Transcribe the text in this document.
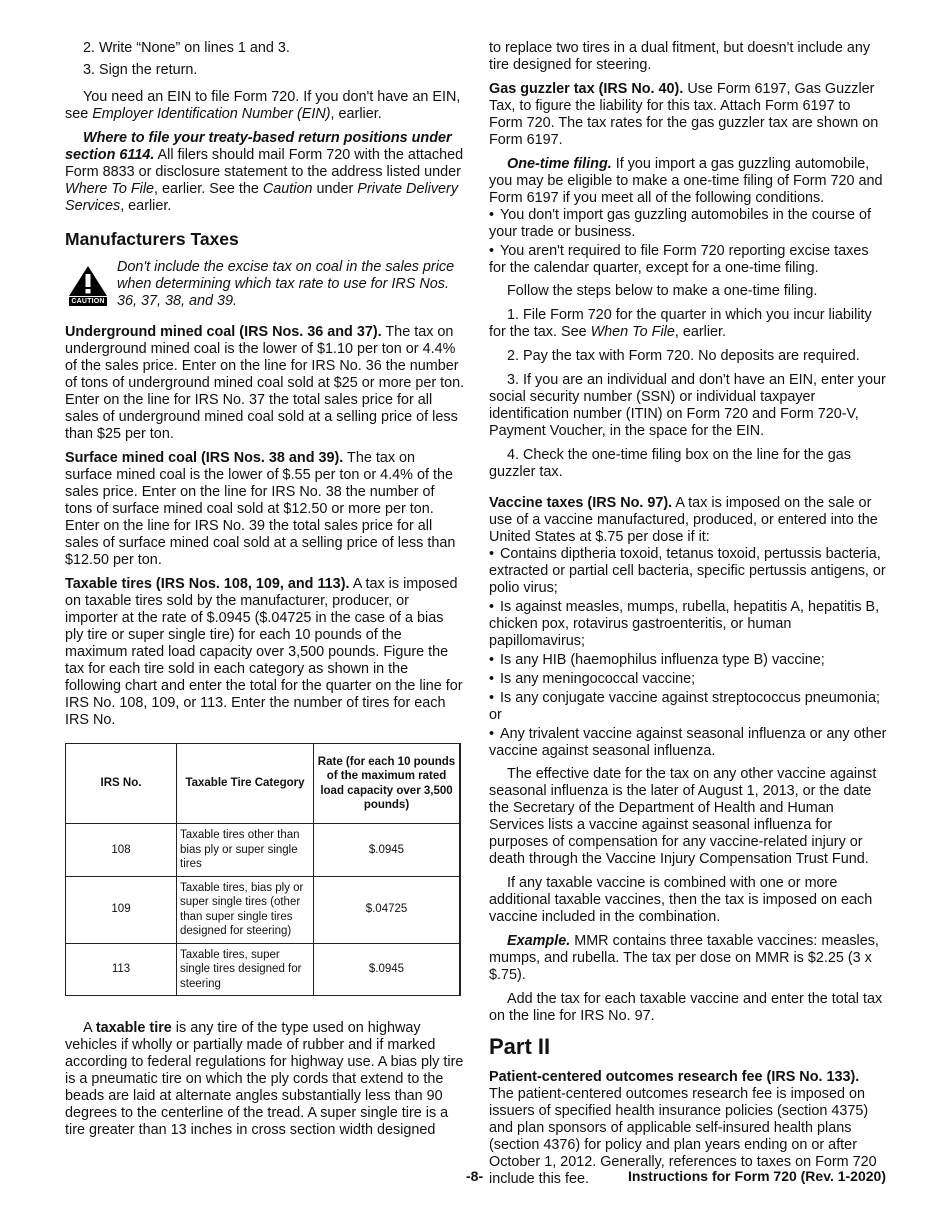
2. Write “None” on lines 1 and 3.

3. Sign the return.

You need an EIN to file Form 720. If you don't have an EIN, see Employer Identification Number (EIN), earlier.

Where to file your treaty-based return positions under section 6114. All filers should mail Form 720 with the attached Form 8833 or disclosure statement to the address listed under Where To File, earlier. See the Caution under Private Delivery Services, earlier.

Manufacturers Taxes
CAUTION
Don't include the excise tax on coal in the sales price when determining which tax rate to use for IRS Nos. 36, 37, 38, and 39.

Underground mined coal (IRS Nos. 36 and 37). The tax on underground mined coal is the lower of $1.10 per ton or 4.4% of the sales price. Enter on the line for IRS No. 36 the number of tons of underground mined coal sold at $25 or more per ton. Enter on the line for IRS No. 37 the total sales price for all sales of underground mined coal sold at a selling price of less than $25 per ton.

Surface mined coal (IRS Nos. 38 and 39). The tax on surface mined coal is the lower of $.55 per ton or 4.4% of the sales price. Enter on the line for IRS No. 38 the number of tons of surface mined coal sold at $12.50 or more per ton. Enter on the line for IRS No. 39 the total sales price for all sales of surface mined coal sold at a selling price of less than $12.50 per ton.

Taxable tires (IRS Nos. 108, 109, and 113). A tax is imposed on taxable tires sold by the manufacturer, producer, or importer at the rate of $.0945 ($.04725 in the case of a bias ply tire or super single tire) for each 10 pounds of the maximum rated load capacity over 3,500 pounds. Figure the tax for each tire sold in each category as shown in the following chart and enter the total for the quarter on the line for IRS No. 108, 109, or 113. Enter the number of tires for each IRS No.

IRS No.	Taxable Tire Category	Rate (for each 10 pounds of the maximum rated load capacity over 3,500 pounds)
108	Taxable tires other than bias ply or super single tires	$.0945
109	Taxable tires, bias ply or super single tires (other than super single tires designed for steering)	$.04725
113	Taxable tires, super single tires designed for steering	$.0945

A taxable tire is any tire of the type used on highway vehicles if wholly or partially made of rubber and if marked according to federal regulations for highway use. A bias ply tire is a pneumatic tire on which the ply cords that extend to the beads are laid at alternate angles substantially less than 90 degrees to the centerline of the tread. A super single tire is a tire greater than 13 inches in cross section width designed

to replace two tires in a dual fitment, but doesn't include any tire designed for steering.

Gas guzzler tax (IRS No. 40). Use Form 6197, Gas Guzzler Tax, to figure the liability for this tax. Attach Form 6197 to Form 720. The tax rates for the gas guzzler tax are shown on Form 6197.

One-time filing. If you import a gas guzzling automobile, you may be eligible to make a one-time filing of Form 720 and Form 6197 if you meet all of the following conditions.

• You don't import gas guzzling automobiles in the course of your trade or business.

• You aren't required to file Form 720 reporting excise taxes for the calendar quarter, except for a one-time filing.

Follow the steps below to make a one-time filing.

1. File Form 720 for the quarter in which you incur liability for the tax. See When To File, earlier.

2. Pay the tax with Form 720. No deposits are required.

3. If you are an individual and don't have an EIN, enter your social security number (SSN) or individual taxpayer identification number (ITIN) on Form 720 and Form 720-V, Payment Voucher, in the space for the EIN.

4. Check the one-time filing box on the line for the gas guzzler tax.

Vaccine taxes (IRS No. 97). A tax is imposed on the sale or use of a vaccine manufactured, produced, or entered into the United States at $.75 per dose if it:

• Contains diptheria toxoid, tetanus toxoid, pertussis bacteria, extracted or partial cell bacteria, specific pertussis antigens, or polio virus;

• Is against measles, mumps, rubella, hepatitis A, hepatitis B, chicken pox, rotavirus gastroenteritis, or human papillomavirus;

• Is any HIB (haemophilus influenza type B) vaccine;

• Is any meningococcal vaccine;

• Is any conjugate vaccine against streptococcus pneumonia; or

• Any trivalent vaccine against seasonal influenza or any other vaccine against seasonal influenza.

The effective date for the tax on any other vaccine against seasonal influenza is the later of August 1, 2013, or the date the Secretary of the Department of Health and Human Services lists a vaccine against seasonal influenza for purposes of compensation for any vaccine-related injury or death through the Vaccine Injury Compensation Trust Fund.

If any taxable vaccine is combined with one or more additional taxable vaccines, then the tax is imposed on each vaccine included in the combination.

Example. MMR contains three taxable vaccines: measles, mumps, and rubella. The tax per dose on MMR is $2.25 (3 x $.75).

Add the tax for each taxable vaccine and enter the total tax on the line for IRS No. 97.

Part II

Patient-centered outcomes research fee (IRS No. 133). The patient-centered outcomes research fee is imposed on issuers of specified health insurance policies (section 4375) and plan sponsors of applicable self-insured health plans (section 4376) for policy and plan years ending on or after October 1, 2012. Generally, references to taxes on Form 720 include this fee.

-8-	Instructions for Form 720 (Rev. 1-2020)
